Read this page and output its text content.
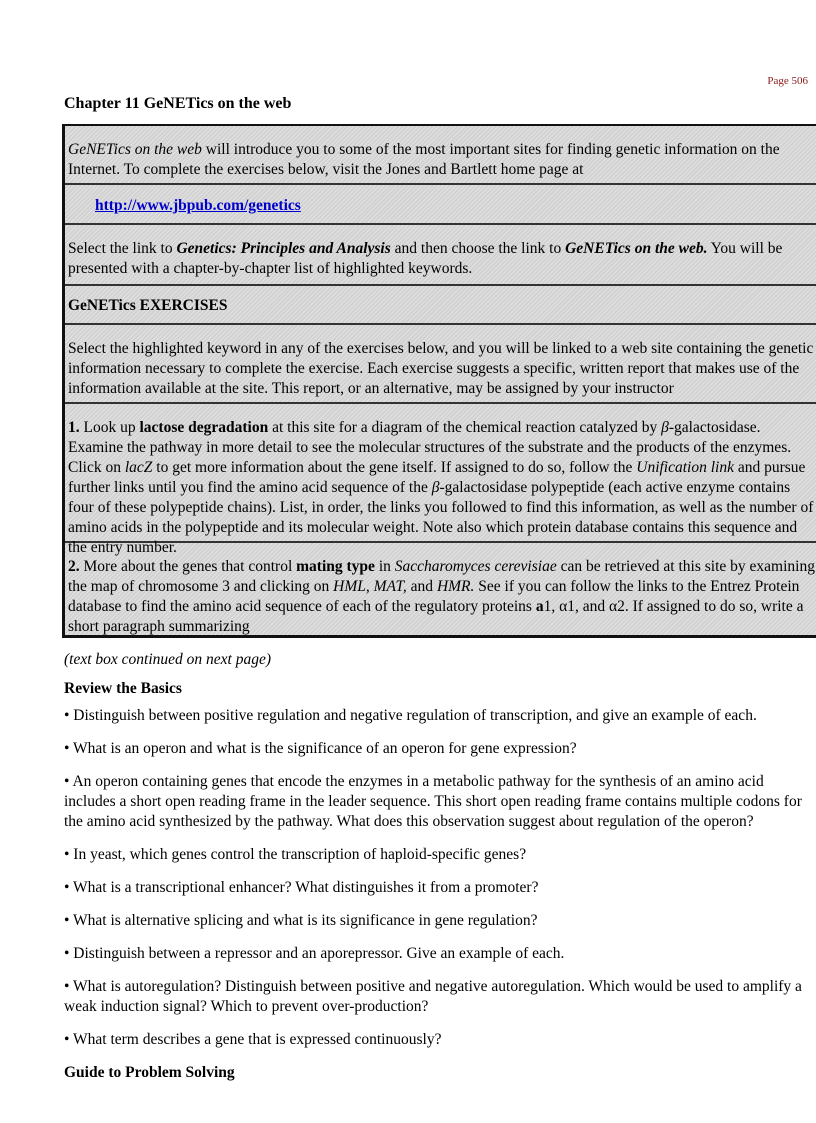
Page 506
Chapter 11 GeNETics on the web

GeNETics on the web will introduce you to some of the most important sites for finding genetic information on the Internet. To complete the exercises below, visit the Jones and Bartlett home page at

http://www.jbpub.com/genetics

Select the link to Genetics: Principles and Analysis and then choose the link to GeNETics on the web. You will be presented with a chapter-by-chapter list of highlighted keywords.

GeNETics EXERCISES

Select the highlighted keyword in any of the exercises below, and you will be linked to a web site containing the genetic information necessary to complete the exercise. Each exercise suggests a specific, written report that makes use of the information available at the site. This report, or an alternative, may be assigned by your instructor

1. Look up lactose degradation at this site for a diagram of the chemical reaction catalyzed by β-galactosidase. Examine the pathway in more detail to see the molecular structures of the substrate and the products of the enzymes. Click on lacZ to get more information about the gene itself. If assigned to do so, follow the Unification link and pursue further links until you find the amino acid sequence of the β-galactosidase polypeptide (each active enzyme contains four of these polypeptide chains). List, in order, the links you followed to find this information, as well as the number of amino acids in the polypeptide and its molecular weight. Note also which protein database contains this sequence and the entry number.

2. More about the genes that control mating type in Saccharomyces cerevisiae can be retrieved at this site by examining the map of chromosome 3 and clicking on HML, MAT, and HMR. See if you can follow the links to the Entrez Protein database to find the amino acid sequence of each of the regulatory proteins a1, α1, and α2. If assigned to do so, write a short paragraph summarizing

(text box continued on next page)
Review the Basics

• Distinguish between positive regulation and negative regulation of transcription, and give an example of each.

• What is an operon and what is the significance of an operon for gene expression?

• An operon containing genes that encode the enzymes in a metabolic pathway for the synthesis of an amino acid includes a short open reading frame in the leader sequence. This short open reading frame contains multiple codons for the amino acid synthesized by the pathway. What does this observation suggest about regulation of the operon?

• In yeast, which genes control the transcription of haploid-specific genes?

• What is a transcriptional enhancer? What distinguishes it from a promoter?

• What is alternative splicing and what is its significance in gene regulation?

• Distinguish between a repressor and an aporepressor. Give an example of each.

• What is autoregulation? Distinguish between positive and negative autoregulation. Which would be used to amplify a weak induction signal? Which to prevent over-production?

• What term describes a gene that is expressed continuously?

Guide to Problem Solving
